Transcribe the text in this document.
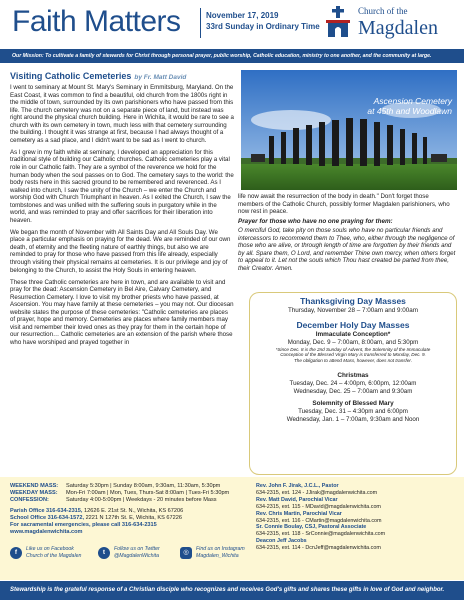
Faith Matters	November 17, 2019
33rd Sunday in Ordinary Time
Church of the
Magdalen
Our Mission: To cultivate a family of stewards for Christ through personal prayer, public worship, Catholic education, ministry to one another, and the community at large.
Visiting Catholic Cemeteries by Fr. Matt David

I went to seminary at Mount St. Mary's Seminary in Emmitsburg, Maryland. On the East Coast, it was common to find a beautiful, old church from the 1800s right in the middle of town, surrounded by its own parishioners who have passed from this life. The church cemetery was not on a separate piece of land, but instead was right around the physical church building. Here in Wichita, it would be rare to see a church with its own cemetery in town, much less with that cemetery surrounding the building. I thought it was strange at first, because I had always thought of a cemetery as a sad place, and I didn't want to be sad as I went to church.

As I grew in my faith while at seminary, I developed an appreciation for this traditional style of building our Catholic churches. Catholic cemeteries play a vital role in our Catholic faith. They are a symbol of the reverence we hold for the human body when the soul passes on to God. The cemetery says to the world: the body rests here in this sacred ground to be remembered and reverenced. As I walked into church, I saw the unity of the Church – we enter the Church and worship God with Church Triumphant in heaven. As I exited the Church, I saw the tombstones and was unified with the suffering souls in purgatory while in the world, and was reminded to pray and offer sacrifices for their liberation into heaven.

We began the month of November with All Saints Day and All Souls Day. We place a particular emphasis on praying for the dead. We are reminded of our own death, of eternity and the fleeting nature of earthly things, but also we are reminded to pray for those who have passed from this life already, especially through visiting their physical remains at cemeteries. It is our privilege and joy of belonging to the Church, to assist the Holy Souls in entering heaven.

These three Catholic cemeteries are here in town, and are available to visit and pray for the dead: Ascension Cemetery in Bel Aire, Calvary Cemetery, and Resurrection Cemetery. I love to visit my brother priests who have passed, at Ascension. You may have family at these cemeteries – you may not. Our diocesan website states the purpose of these cemeteries: "Catholic cemeteries are places of prayer, hope and memory. Cemeteries are places where family members may visit and remember their loved ones as they pray for them in the certain hope of our resurrection… Catholic cemeteries are an extension of the parish where those who have worshiped and prayed together in

Ascension Cemetery
at 45th and Woodlawn
life now await the resurrection of the body in death." Don't forget those members of the Catholic Church, possibly former Magdalen parishioners, who now rest in peace.
Prayer for those who have no one praying for them:
O merciful God, take pity on those souls who have no particular friends and intercessors to recommend them to Thee, who, either through the negligence of those who are alive, or through length of time are forgotten by their friends and by all. Spare them, O Lord, and remember Thine own mercy, when others forget to appeal to it. Let not the souls which Thou hast created be parted from thee, their Creator. Amen.
Thanksgiving Day Masses
Thursday, November 28 – 7:00am and 9:00am
December Holy Day Masses
Immaculate Conception*
Monday, Dec. 9 – 7:00am, 8:00am, and 5:30pm
*Since Dec. 8 is the 2nd Sunday of Advent, the Solemnity of the Immaculate
Conception of the Blessed Virgin Mary is transferred to Monday, Dec. 9.
The obligation to attend Mass, however, does not transfer.
Christmas
Tuesday, Dec. 24 – 4:00pm, 6:00pm, 12:00am
Wednesday, Dec. 25 – 7:00am and 9:30am
Solemnity of Blessed Mary
Tuesday, Dec. 31 – 4:30pm and 6:00pm
Wednesday, Jan. 1 – 7:00am, 9:30am and Noon
WEEKEND MASS: Saturday 5:30pm | Sunday 8:00am, 9:30am, 11:30am, 5:30pm
WEEKDAY MASS: Mon-Fri 7:00am | Mon, Tues, Thurs-Sat 8:00am | Tues-Fri 5:30pm
CONFESSION:	Saturday 4:00-5:00pm | Weekdays - 20 minutes before Mass
Parish Office 316-634-2315, 12626 E. 21st St. N., Wichita, KS 67206
School Office 316-634-1572, 2221 N 127th St. E, Wichita, KS 67226
For sacramental emergencies, please call 316-634-2315
www.magdalenwichita.com
f	Like us on Facebook
Church of the Magdalen	t	Follow us on Twitter
@MagdalenWichita	◎	Find us on Instagram
Magdalen_Wichita
Rev. John F. Jirak, J.C.L., Pastor
634-2315, ext. 124 - JJirak@magdalenwichita.com
Rev. Matt David, Parochial Vicar
634-2315, ext. 115 - MDavid@magdalenwichita.com
Rev. Chris Martin, Parochial Vicar
634-2315, ext. 116 - CMartin@magdalenwichita.com
Sr. Connie Boulay, CSJ, Pastoral Associate
634-2315, ext. 118 - SrConnie@magdalenwichita.com
Deacon Jeff Jacobs
634-2315, ext. 114 - DcnJeff@magdalenwichita.com
Stewardship is the grateful response of a Christian disciple who recognizes and receives God's gifts and shares these gifts in love of God and neighbor.
